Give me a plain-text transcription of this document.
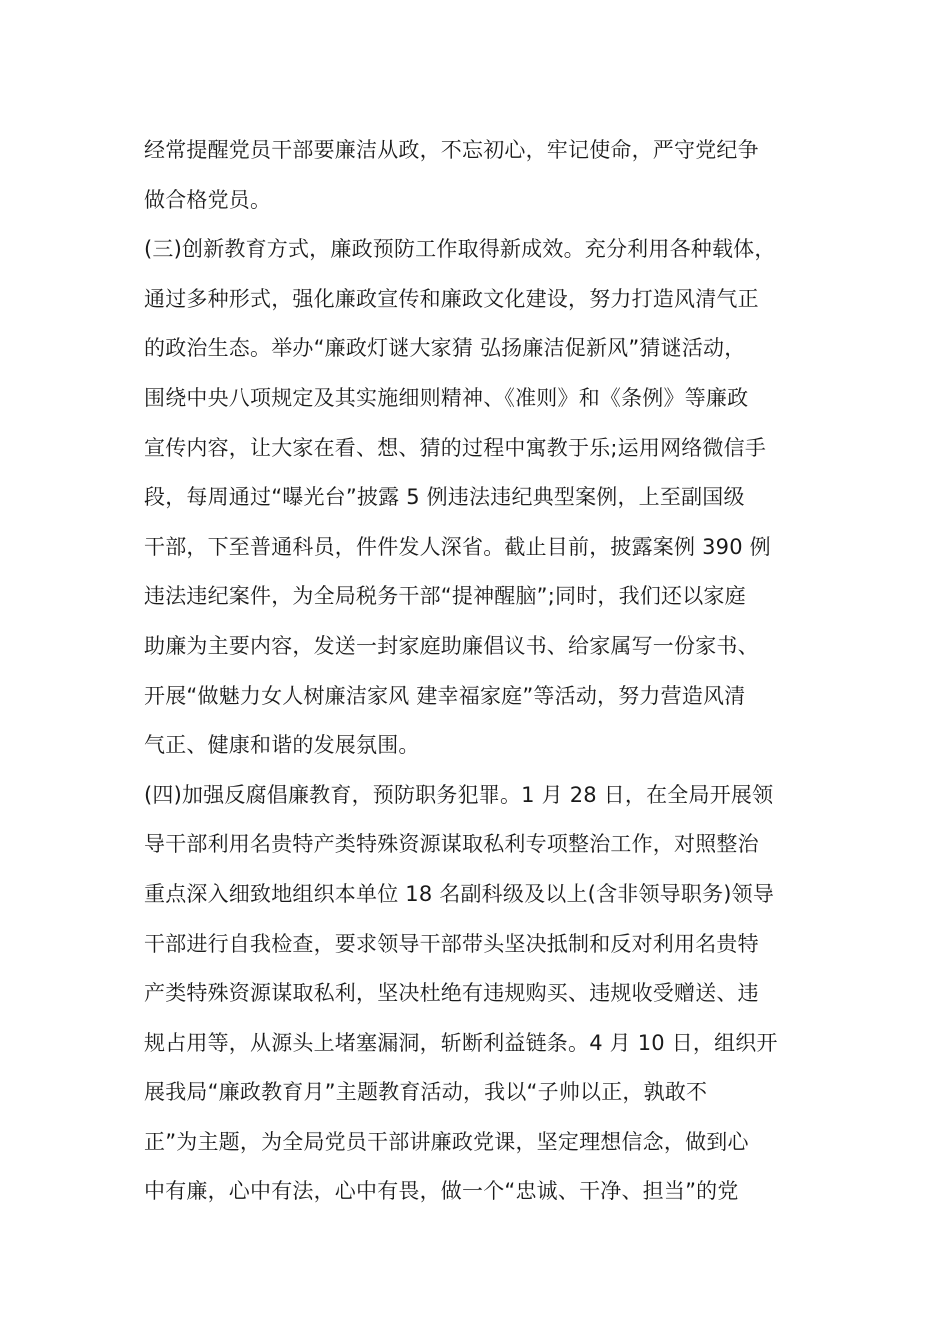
经常提醒党员干部要廉洁从政，不忘初心，牢记使命，严守党纪争
做合格党员。
(三)创新教育方式，廉政预防工作取得新成效。充分利用各种载体，
通过多种形式，强化廉政宣传和廉政文化建设，努力打造风清气正
的政治生态。举办“廉政灯谜大家猜 弘扬廉洁促新风”猜谜活动，
围绕中央八项规定及其实施细则精神、《准则》和《条例》等廉政
宣传内容，让大家在看、想、猜的过程中寓教于乐;运用网络微信手
段，每周通过“曝光台”披露 5 例违法违纪典型案例，上至副国级
干部，下至普通科员，件件发人深省。截止目前，披露案例 390 例
违法违纪案件，为全局税务干部“提神醒脑”;同时，我们还以家庭
助廉为主要内容，发送一封家庭助廉倡议书、给家属写一份家书、
开展“做魅力女人树廉洁家风 建幸福家庭”等活动，努力营造风清
气正、健康和谐的发展氛围。
(四)加强反腐倡廉教育，预防职务犯罪。1 月 28 日，在全局开展领
导干部利用名贵特产类特殊资源谋取私利专项整治工作，对照整治
重点深入细致地组织本单位 18 名副科级及以上(含非领导职务)领导
干部进行自我检查，要求领导干部带头坚决抵制和反对利用名贵特
产类特殊资源谋取私利，坚决杜绝有违规购买、违规收受赠送、违
规占用等，从源头上堵塞漏洞，斩断利益链条。4 月 10 日，组织开
展我局“廉政教育月”主题教育活动，我以“子帅以正，孰敢不
正”为主题，为全局党员干部讲廉政党课，坚定理想信念，做到心
中有廉，心中有法，心中有畏，做一个“忠诚、干净、担当”的党
